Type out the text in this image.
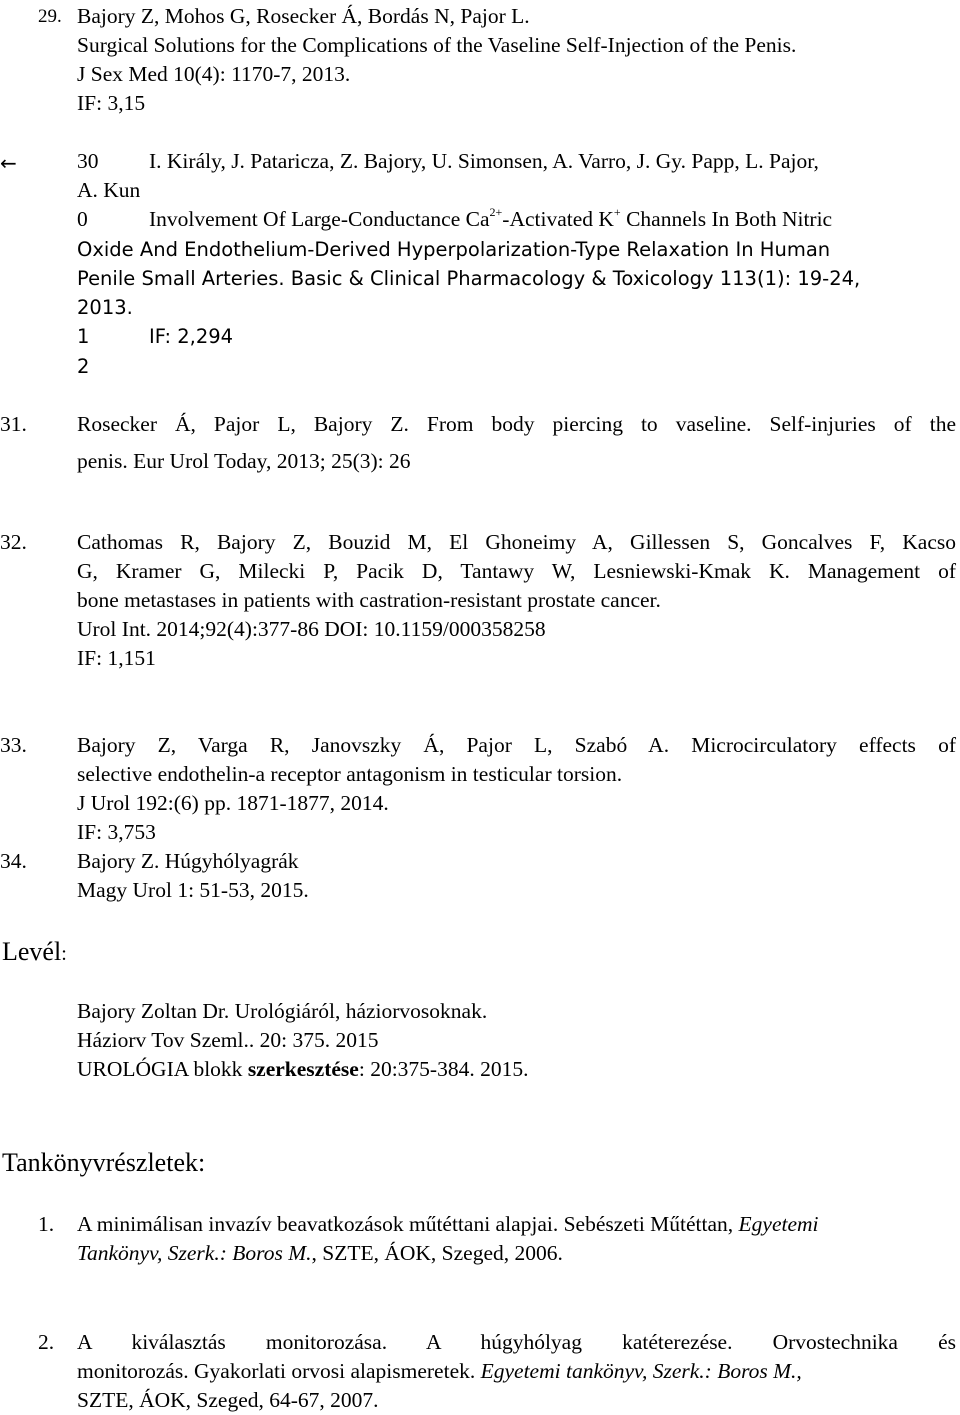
29. Bajory Z, Mohos G, Rosecker Á, Bordás N, Pajor L.
Surgical Solutions for the Complications of the Vaseline Self-Injection of the Penis.
J Sex Med 10(4): 1170-7, 2013.
IF: 3,15
←	30 I. Király, J. Pataricza, Z. Bajory, U. Simonsen, A. Varro, J. Gy. Papp, L. Pajor,
A. Kun
0	Involvement Of Large-Conductance $Ca^{2+}$-Activated K+ Channels In Both Nitric
Oxide And Endothelium-Derived Hyperpolarization-Type Relaxation In Human
Penile Small Arteries. Basic & Clinical Pharmacology & Toxicology 113(1): 19-24,
2013.
1	IF: 2,294
2
31. Rosecker Á, Pajor L, Bajory Z. From body piercing to vaseline. Self-injuries of the
penis. Eur Urol Today, 2013; 25(3): 26
32. Cathomas R, Bajory Z, Bouzid M, El Ghoneimy A, Gillessen S, Goncalves F, Kacso
G, Kramer G, Milecki P, Pacik D, Tantawy W, Lesniewski-Kmak K. Management of
bone metastases in patients with castration-resistant prostate cancer.
Urol Int. 2014;92(4):377-86 DOI: 10.1159/000358258
IF: 1,151
33. Bajory Z, Varga R, Janovszky Á, Pajor L, Szabó A. Microcirculatory effects of
selective endothelin-a receptor antagonism in testicular torsion.
J Urol 192:(6) pp. 1871-1877, 2014.
IF: 3,753
34. Bajory Z. Húgyhólyagrák
Magy Urol 1: 51-53, 2015.
Levél:
Bajory Zoltan Dr. Urológiáról, háziorvosoknak.
Háziorv Tov Szeml.. 20: 375. 2015
UROLÓGIA blokk szerkesztése: 20:375-384. 2015.
Tankönyvrészletek:
1. A minimálisan invazív beavatkozások műtéttani alapjai. Sebészeti Műtéttan, Egyetemi
Tankönyv, Szerk.: Boros M., SZTE, ÁOK, Szeged, 2006.
2. A kiválasztás monitorozása. A húgyhólyag katéterezése. Orvostechnika és
monitorozás. Gyakorlati orvosi alapismeretek. Egyetemi tankönyv, Szerk.: Boros M.,
SZTE, ÁOK, Szeged, 64-67, 2007.
